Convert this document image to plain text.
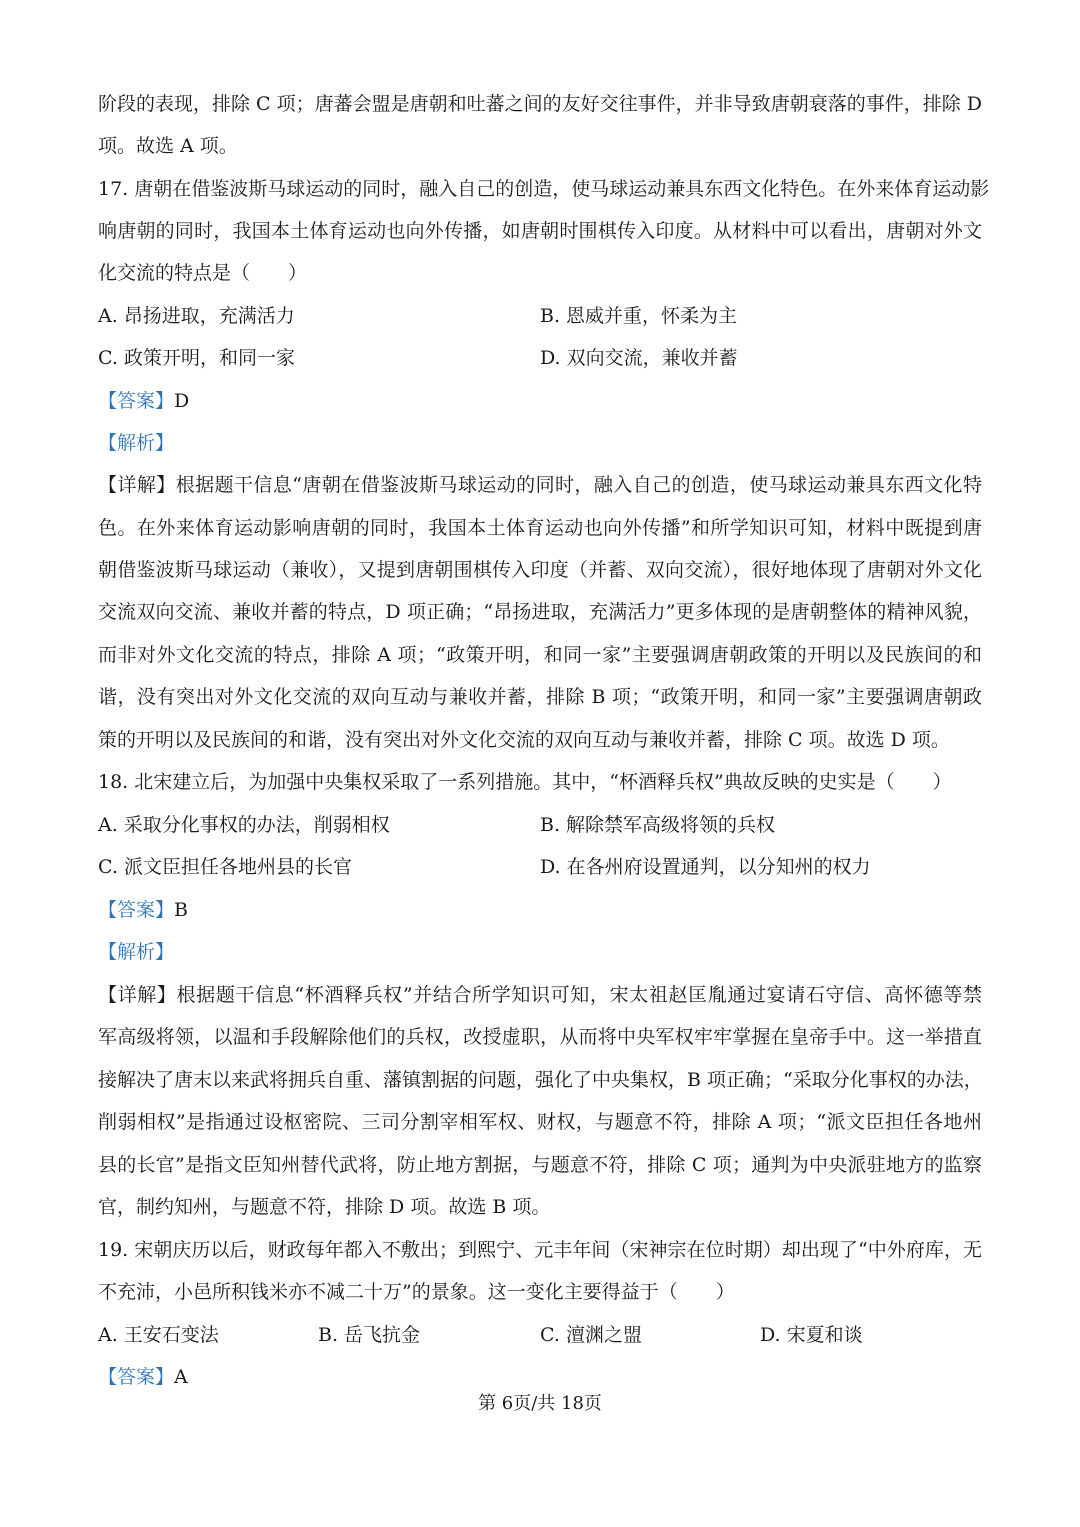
阶段的表现，排除 C 项；唐蕃会盟是唐朝和吐蕃之间的友好交往事件，并非导致唐朝衰落的事件，排除 D
项。故选 A 项。
17. 唐朝在借鉴波斯马球运动的同时，融入自己的创造，使马球运动兼具东西文化特色。在外来体育运动影
响唐朝的同时，我国本土体育运动也向外传播，如唐朝时围棋传入印度。从材料中可以看出，唐朝对外文
化交流的特点是（　　）
A. 昂扬进取，充满活力	B. 恩威并重，怀柔为主
C. 政策开明，和同一家	D. 双向交流，兼收并蓄
【答案】D
【解析】
【详解】根据题干信息“唐朝在借鉴波斯马球运动的同时，融入自己的创造，使马球运动兼具东西文化特
色。在外来体育运动影响唐朝的同时，我国本土体育运动也向外传播”和所学知识可知，材料中既提到唐
朝借鉴波斯马球运动（兼收），又提到唐朝围棋传入印度（并蓄、双向交流），很好地体现了唐朝对外文化
交流双向交流、兼收并蓄的特点，D 项正确；“昂扬进取，充满活力”更多体现的是唐朝整体的精神风貌，
而非对外文化交流的特点，排除 A 项；“政策开明，和同一家”主要强调唐朝政策的开明以及民族间的和
谐，没有突出对外文化交流的双向互动与兼收并蓄，排除 B 项；“政策开明，和同一家”主要强调唐朝政
策的开明以及民族间的和谐，没有突出对外文化交流的双向互动与兼收并蓄，排除 C 项。故选 D 项。
18. 北宋建立后，为加强中央集权采取了一系列措施。其中，“杯酒释兵权”典故反映的史实是（　　）
A. 采取分化事权的办法，削弱相权	B. 解除禁军高级将领的兵权
C. 派文臣担任各地州县的长官	D. 在各州府设置通判，以分知州的权力
【答案】B
【解析】
【详解】根据题干信息“杯酒释兵权”并结合所学知识可知，宋太祖赵匡胤通过宴请石守信、高怀德等禁
军高级将领，以温和手段解除他们的兵权，改授虚职，从而将中央军权牢牢掌握在皇帝手中。这一举措直
接解决了唐末以来武将拥兵自重、藩镇割据的问题，强化了中央集权，B 项正确；“采取分化事权的办法，
削弱相权”是指通过设枢密院、三司分割宰相军权、财权，与题意不符，排除 A 项；“派文臣担任各地州
县的长官”是指文臣知州替代武将，防止地方割据，与题意不符，排除 C 项；通判为中央派驻地方的监察
官，制约知州，与题意不符，排除 D 项。故选 B 项。
19. 宋朝庆历以后，财政每年都入不敷出；到熙宁、元丰年间（宋神宗在位时期）却出现了“中外府库，无
不充沛，小邑所积钱米亦不减二十万”的景象。这一变化主要得益于（　　）
A. 王安石变法	B. 岳飞抗金	C. 澶渊之盟	D. 宋夏和谈
【答案】A
第 6页/共 18页
